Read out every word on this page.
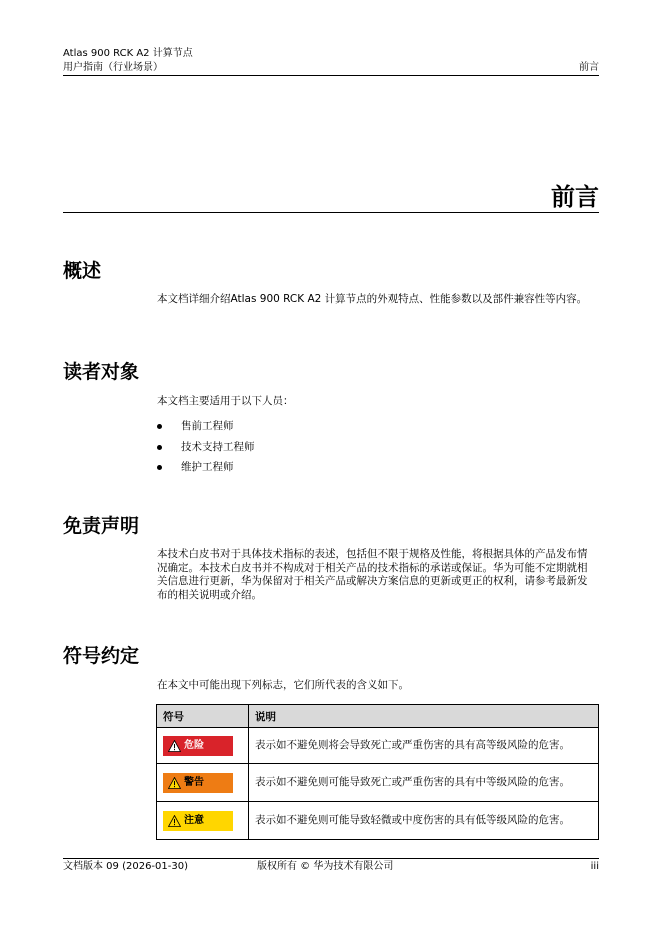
Atlas 900 RCK A2 计算节点
用户指南（行业场景）	前言
前言
概述
本文档详细介绍Atlas 900 RCK A2 计算节点的外观特点、性能参数以及部件兼容性等内容。
读者对象
本文档主要适用于以下人员：
售前工程师
技术支持工程师
维护工程师
免责声明
本技术白皮书对于具体技术指标的表述，包括但不限于规格及性能，将根据具体的产品发布情况确定。本技术白皮书并不构成对于相关产品的技术指标的承诺或保证。华为可能不定期就相关信息进行更新，华为保留对于相关产品或解决方案信息的更新或更正的权利，请参考最新发布的相关说明或介绍。
符号约定
在本文中可能出现下列标志，它们所代表的含义如下。
符号	说明

危险	表示如不避免则将会导致死亡或严重伤害的具有高等级风险的危害。

警告	表示如不避免则可能导致死亡或严重伤害的具有中等级风险的危害。

注意	表示如不避免则可能导致轻微或中度伤害的具有低等级风险的危害。
文档版本 09 (2026-01-30)	版权所有 © 华为技术有限公司	iii
